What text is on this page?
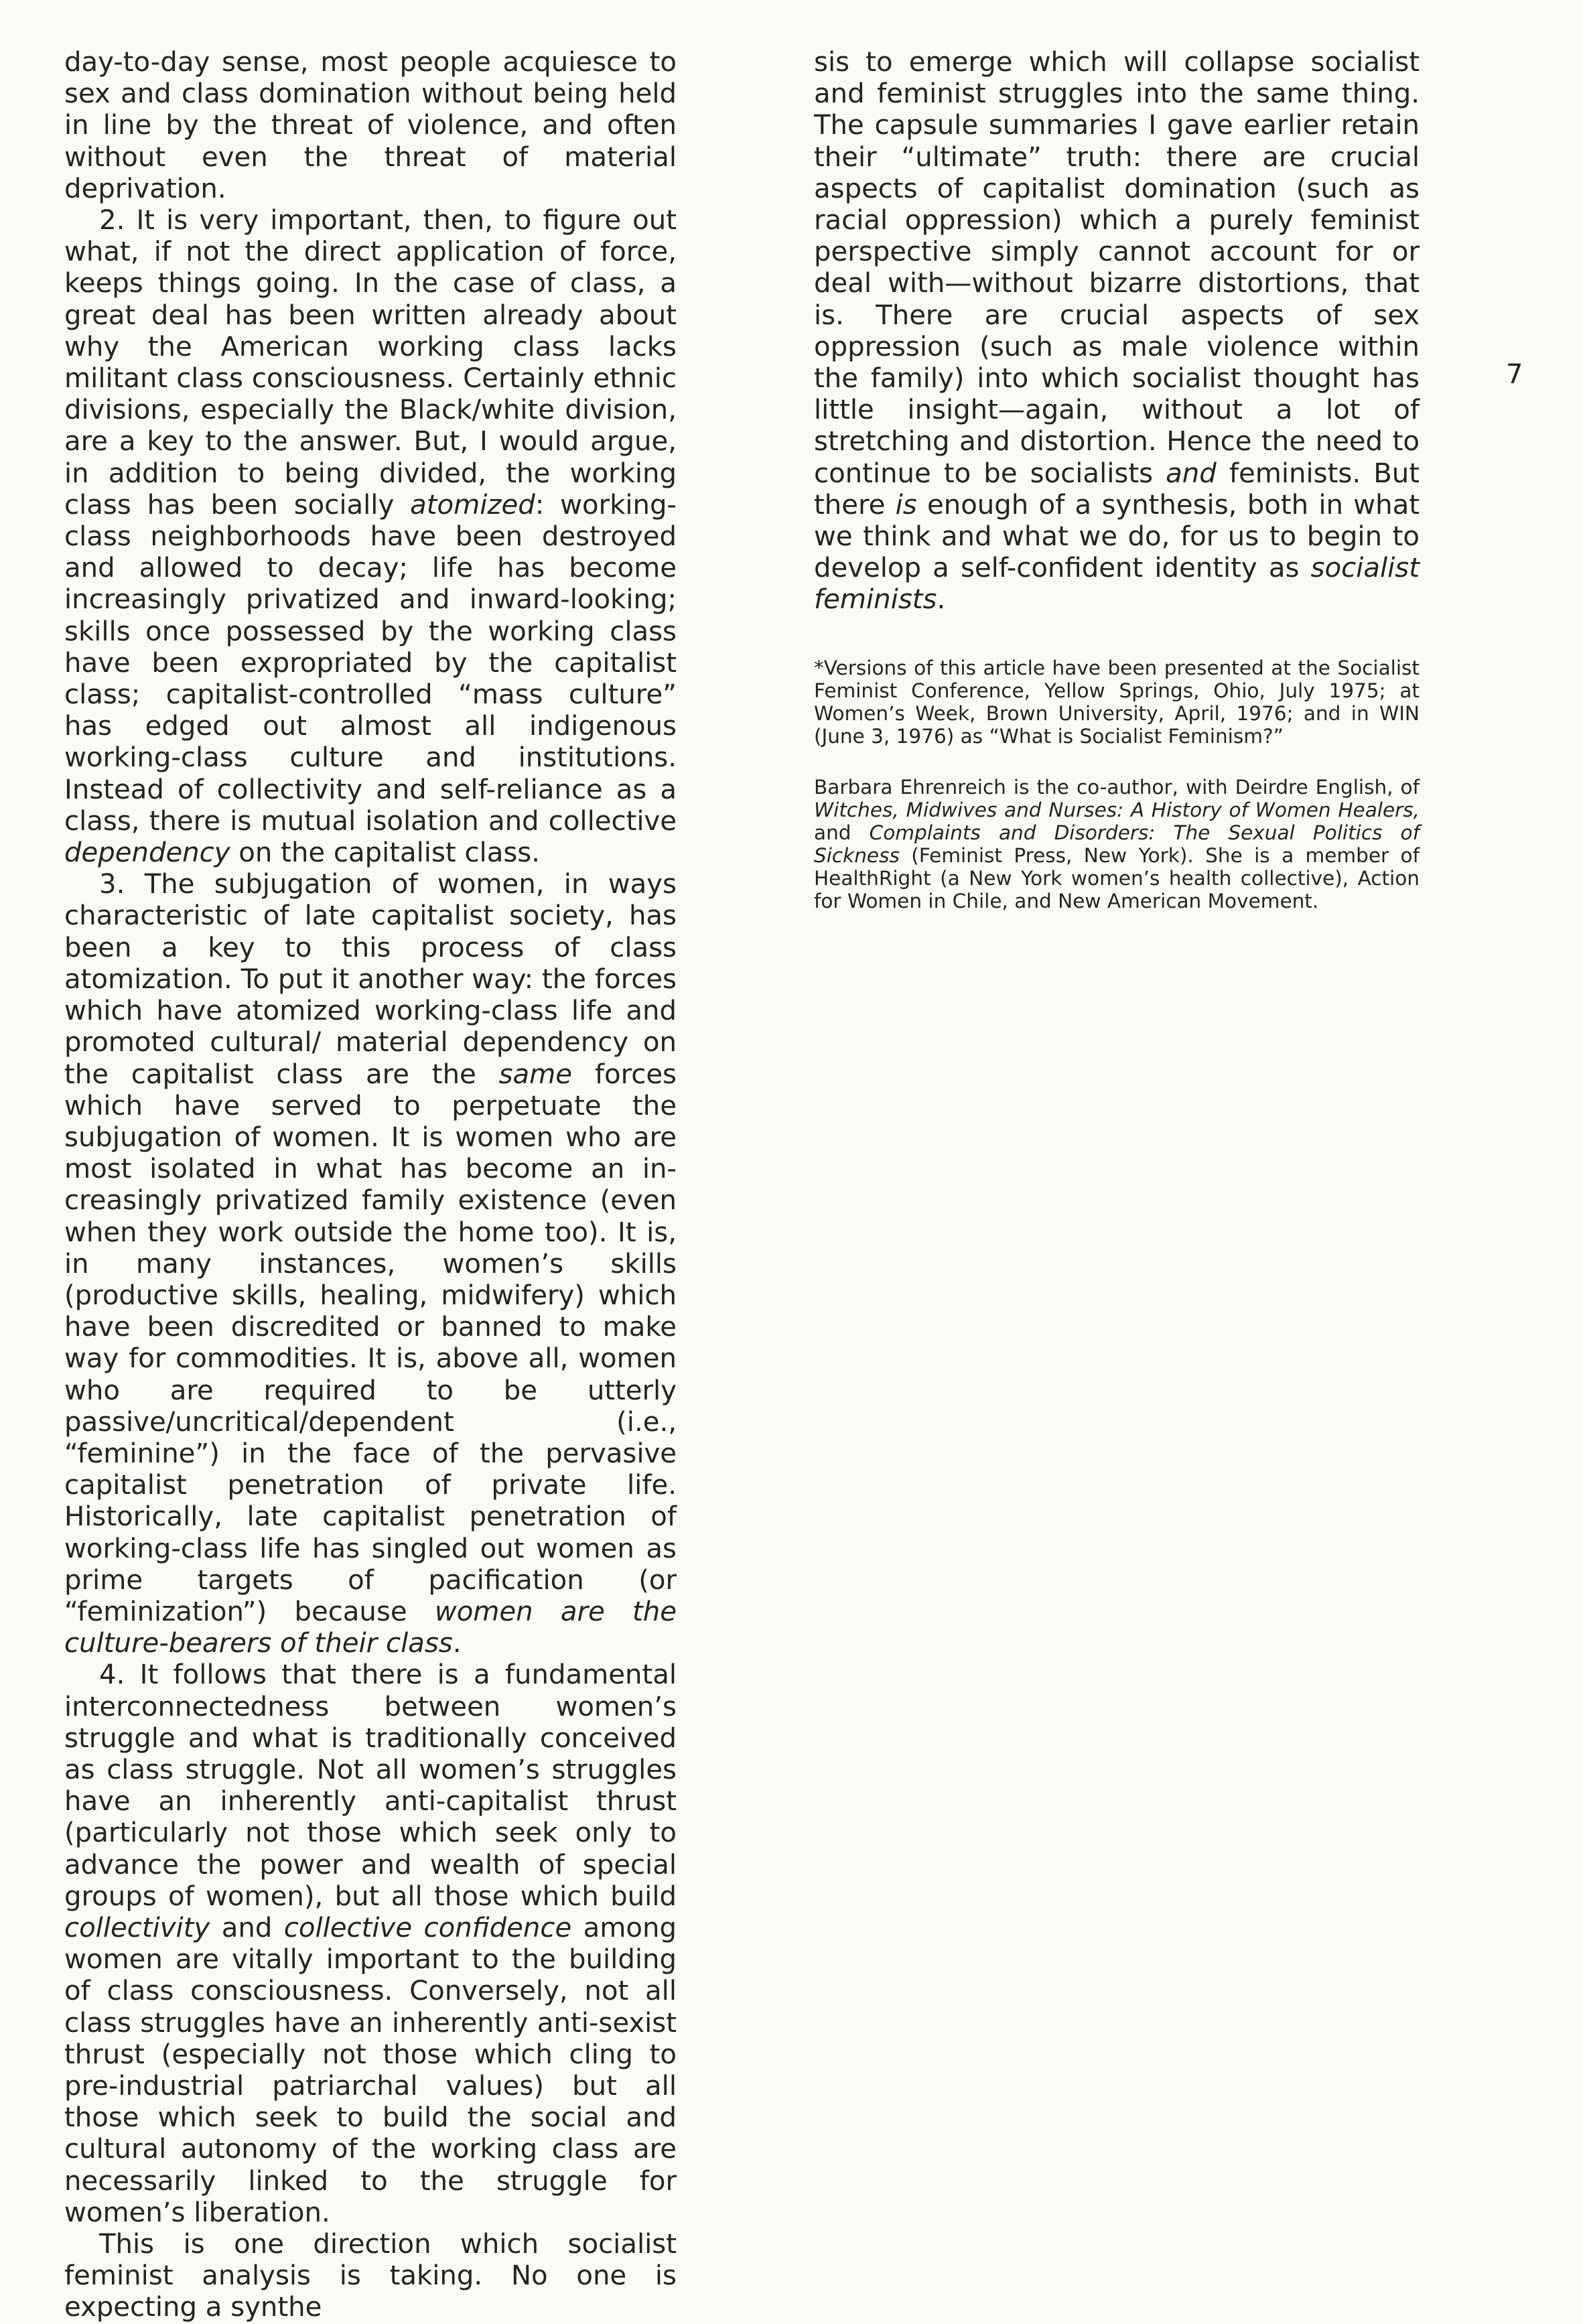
day-to-day sense, most people acquiesce to sex and class domination without being held in line by the threat of violence, and often without even the threat of material deprivation.

2. It is very important, then, to figure out what, if not the direct application of force, keeps things going. In the case of class, a great deal has been written already about why the American working class lacks militant class consciousness. Certainly ethnic divisions, especially the Black/white division, are a key to the answer. But, I would argue, in addition to being divided, the working class has been socially atomized: working-class neighborhoods have been destroyed and allowed to decay; life has become increasingly privatized and inward-looking; skills once possessed by the working class have been expropriated by the capitalist class; capitalist-controlled “mass culture” has edged out almost all indigenous working-class culture and institutions. Instead of collectivity and self-reliance as a class, there is mutual isolation and collective dependency on the capitalist class.

3. The subjugation of women, in ways characteristic of late capitalist society, has been a key to this process of class atomization. To put it another way: the forces which have atomized working-class life and promoted cultural/ material dependency on the capitalist class are the same forces which have served to perpetuate the subjugation of women. It is women who are most isolated in what has become an increasingly privatized family existence (even when they work outside the home too). It is, in many instances, women’s skills (productive skills, healing, midwifery) which have been discredited or banned to make way for commodities. It is, above all, women who are required to be utterly passive/uncritical/dependent (i.e., “feminine”) in the face of the pervasive capitalist penetration of private life. Historically, late capitalist penetration of working-class life has singled out women as prime targets of pacification (or “feminization”) because women are the culture-bearers of their class.

4. It follows that there is a fundamental interconnectedness between women’s struggle and what is traditionally conceived as class struggle. Not all women’s struggles have an inherently anti-capitalist thrust (particularly not those which seek only to advance the power and wealth of special groups of women), but all those which build collectivity and collective confidence among women are vitally important to the building of class consciousness. Conversely, not all class struggles have an inherently anti-sexist thrust (especially not those which cling to pre-industrial patriarchal values) but all those which seek to build the social and cultural autonomy of the working class are necessarily linked to the struggle for women’s liberation.

This is one direction which socialist feminist analysis is taking. No one is expecting a synthe

sis to emerge which will collapse socialist and feminist struggles into the same thing. The capsule summaries I gave earlier retain their “ultimate” truth: there are crucial aspects of capitalist domination (such as racial oppression) which a purely feminist perspective simply cannot account for or deal with—without bizarre distortions, that is. There are crucial aspects of sex oppression (such as male violence within the family) into which socialist thought has little insight—again, without a lot of stretching and distortion. Hence the need to continue to be socialists and feminists. But there is enough of a synthesis, both in what we think and what we do, for us to begin to develop a self-confident identity as socialist feminists.

*Versions of this article have been presented at the Socialist Feminist Conference, Yellow Springs, Ohio, July 1975; at Women’s Week, Brown University, April, 1976; and in WIN (June 3, 1976) as “What is Socialist Feminism?”

Barbara Ehrenreich is the co-author, with Deirdre English, of Witches, Midwives and Nurses: A History of Women Healers, and Complaints and Disorders: The Sexual Politics of Sickness (Feminist Press, New York). She is a member of HealthRight (a New York women’s health collective), Action for Women in Chile, and New American Movement.

7
